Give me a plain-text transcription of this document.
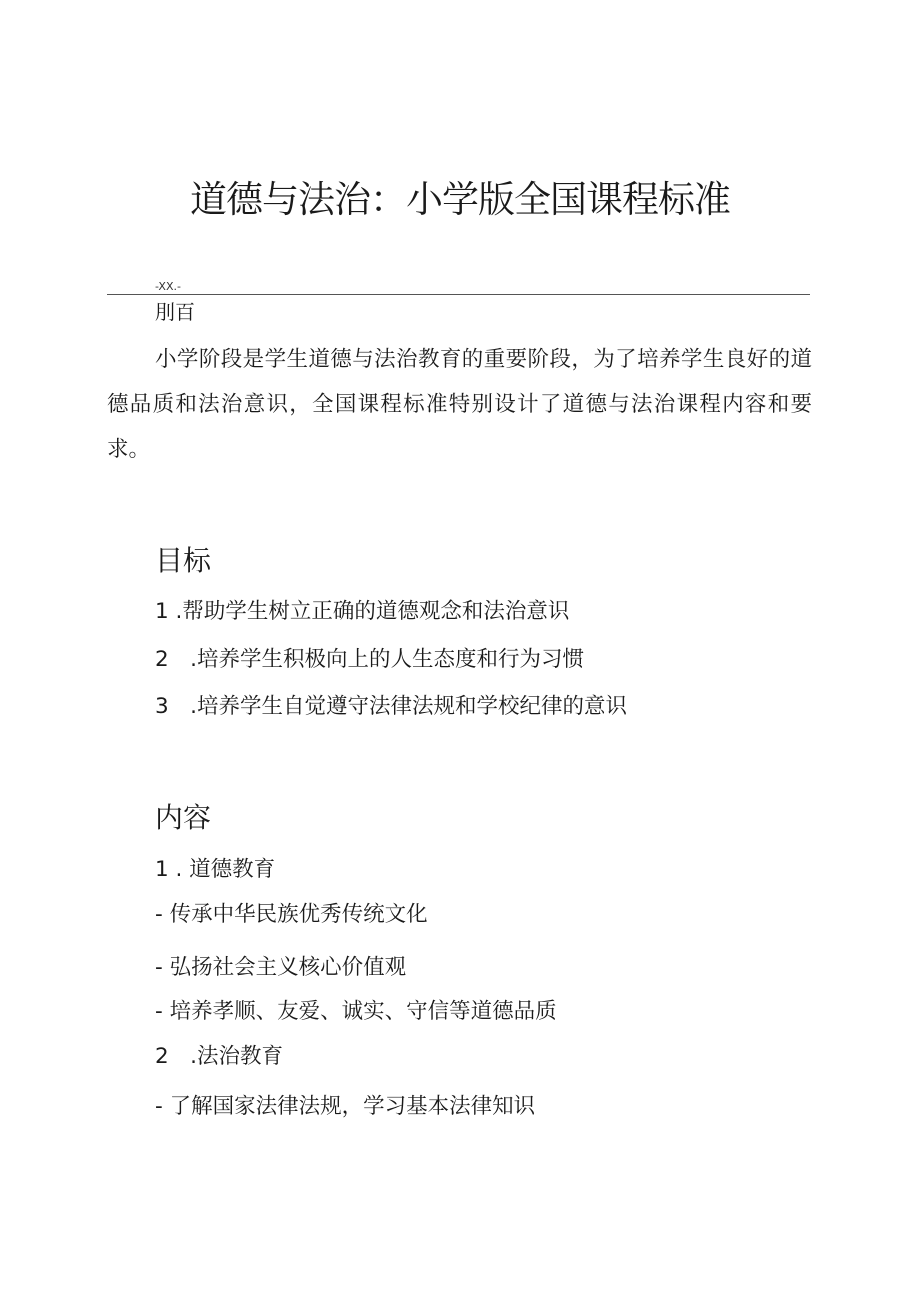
道德与法治：小学版全国课程标准
-XX.-
刖百

小学阶段是学生道德与法治教育的重要阶段，为了培养学生良好的道德品质和法治意识，全国课程标准特别设计了道德与法治课程内容和要求。

目标
1 .帮助学生树立正确的道德观念和法治意识
2　.培养学生积极向上的人生态度和行为习惯
3　.培养学生自觉遵守法律法规和学校纪律的意识
内容
1 . 道德教育
- 传承中华民族优秀传统文化
- 弘扬社会主义核心价值观
- 培养孝顺、友爱、诚实、守信等道德品质
2　.法治教育
- 了解国家法律法规，学习基本法律知识
